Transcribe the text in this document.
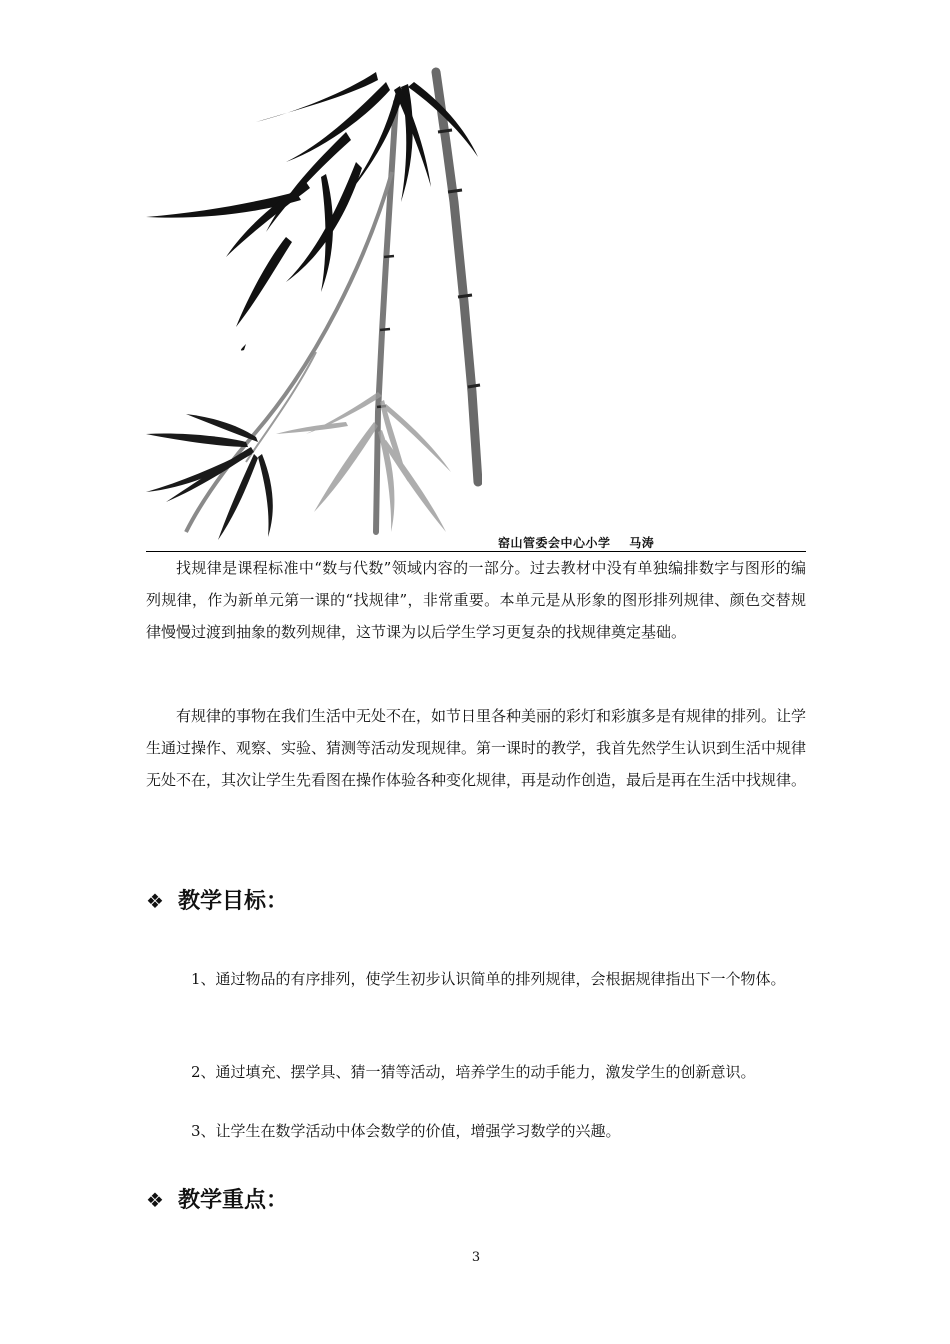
窑山管委会中心小学    马涛

找规律是课程标准中“数与代数”领域内容的一部分。过去教材中没有单独编排数字与图形的编列规律，作为新单元第一课的“找规律”，非常重要。本单元是从形象的图形排列规律、颜色交替规律慢慢过渡到抽象的数列规律，这节课为以后学生学习更复杂的找规律奠定基础。

有规律的事物在我们生活中无处不在，如节日里各种美丽的彩灯和彩旗多是有规律的排列。让学生通过操作、观察、实验、猜测等活动发现规律。第一课时的教学，我首先然学生认识到生活中规律无处不在，其次让学生先看图在操作体验各种变化规律，再是动作创造，最后是再在生活中找规律。

❖ 教学目标：

1、通过物品的有序排列，使学生初步认识简单的排列规律，会根据规律指出下一个物体。

2、通过填充、摆学具、猜一猜等活动，培养学生的动手能力，激发学生的创新意识。

3、让学生在数学活动中体会数学的价值，增强学习数学的兴趣。

❖ 教学重点：
3
